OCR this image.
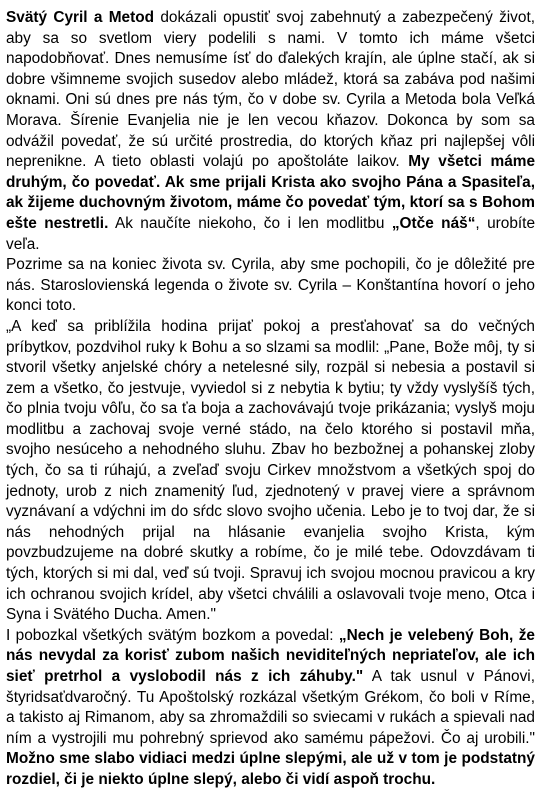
Svätý Cyril a Metod dokázali opustiť svoj zabehnutý a zabezpečený život, aby sa so svetlom viery podelili s nami. V tomto ich máme všetci napodobňovať. Dnes nemusíme ísť do ďalekých krajín, ale úplne stačí, ak si dobre všimneme svojich susedov alebo mládež, ktorá sa zabáva pod našimi oknami. Oni sú dnes pre nás tým, čo v dobe sv. Cyrila a Metoda bola Veľká Morava. Šírenie Evanjelia nie je len vecou kňazov. Dokonca by som sa odvážil povedať, že sú určité prostredia, do ktorých kňaz pri najlepšej vôli neprenikne. A tieto oblasti volajú po apoštoláte laikov. My všetci máme druhým, čo povedať. Ak sme prijali Krista ako svojho Pána a Spasiteľa, ak žijeme duchovným životom, máme čo povedať tým, ktorí sa s Bohom ešte nestretli. Ak naučíte niekoho, čo i len modlitbu „Otče náš“, urobíte veľa.

Pozrime sa na koniec života sv. Cyrila, aby sme pochopili, čo je dôležité pre nás. Staroslovienská legenda o živote sv. Cyrila – Konštantína hovorí o jeho konci toto.

„A keď sa priblížila hodina prijať pokoj a presťahovať sa do večných príbytkov, pozdvihol ruky k Bohu a so slzami sa modlil: „Pane, Bože môj, ty si stvoril všetky anjelské chóry a netelesné sily, rozpäl si nebesia a postavil si zem a všetko, čo jestvuje, vyviedol si z nebytia k bytiu; ty vždy vyslyšíš tých, čo plnia tvoju vôľu, čo sa ťa boja a zachovávajú tvoje prikázania; vyslyš moju modlitbu a zachovaj svoje verné stádo, na čelo ktorého si postavil mňa, svojho nesúceho a nehodného sluhu. Zbav ho bezbožnej a pohanskej zloby tých, čo sa ti rúhajú, a zveľaď svoju Cirkev množstvom a všetkých spoj do jednoty, urob z nich znamenitý ľud, zjednotený v pravej viere a správnom vyznávaní a vdýchni im do sŕdc slovo svojho učenia. Lebo je to tvoj dar, že si nás nehodných prijal na hlásanie evanjelia svojho Krista, kým povzbudzujeme na dobré skutky a robíme, čo je milé tebe. Odovzdávam ti tých, ktorých si mi dal, veď sú tvoji. Spravuj ich svojou mocnou pravicou a kry ich ochranou svojich krídel, aby všetci chválili a oslavovali tvoje meno, Otca i Syna i Svätého Ducha. Amen."

I pobozkal všetkých svätým bozkom a povedal: „Nech je velebený Boh, že nás nevydal za korisť zubom našich neviditeľných nepriateľov, ale ich sieť pretrhol a vyslobodil nás z ich záhuby." A tak usnul v Pánovi, štyridsaťdvaročný. Tu Apoštolský rozkázal všetkým Grékom, čo boli v Ríme, a takisto aj Rimanom, aby sa zhromaždili so sviecami v rukách a spievali nad ním a vystrojili mu pohrebný sprievod ako samému pápežovi. Čo aj urobili." Možno sme slabo vidiaci medzi úplne slepými, ale už v tom je podstatný rozdiel, či je niekto úplne slepý, alebo či vidí aspoň trochu.
